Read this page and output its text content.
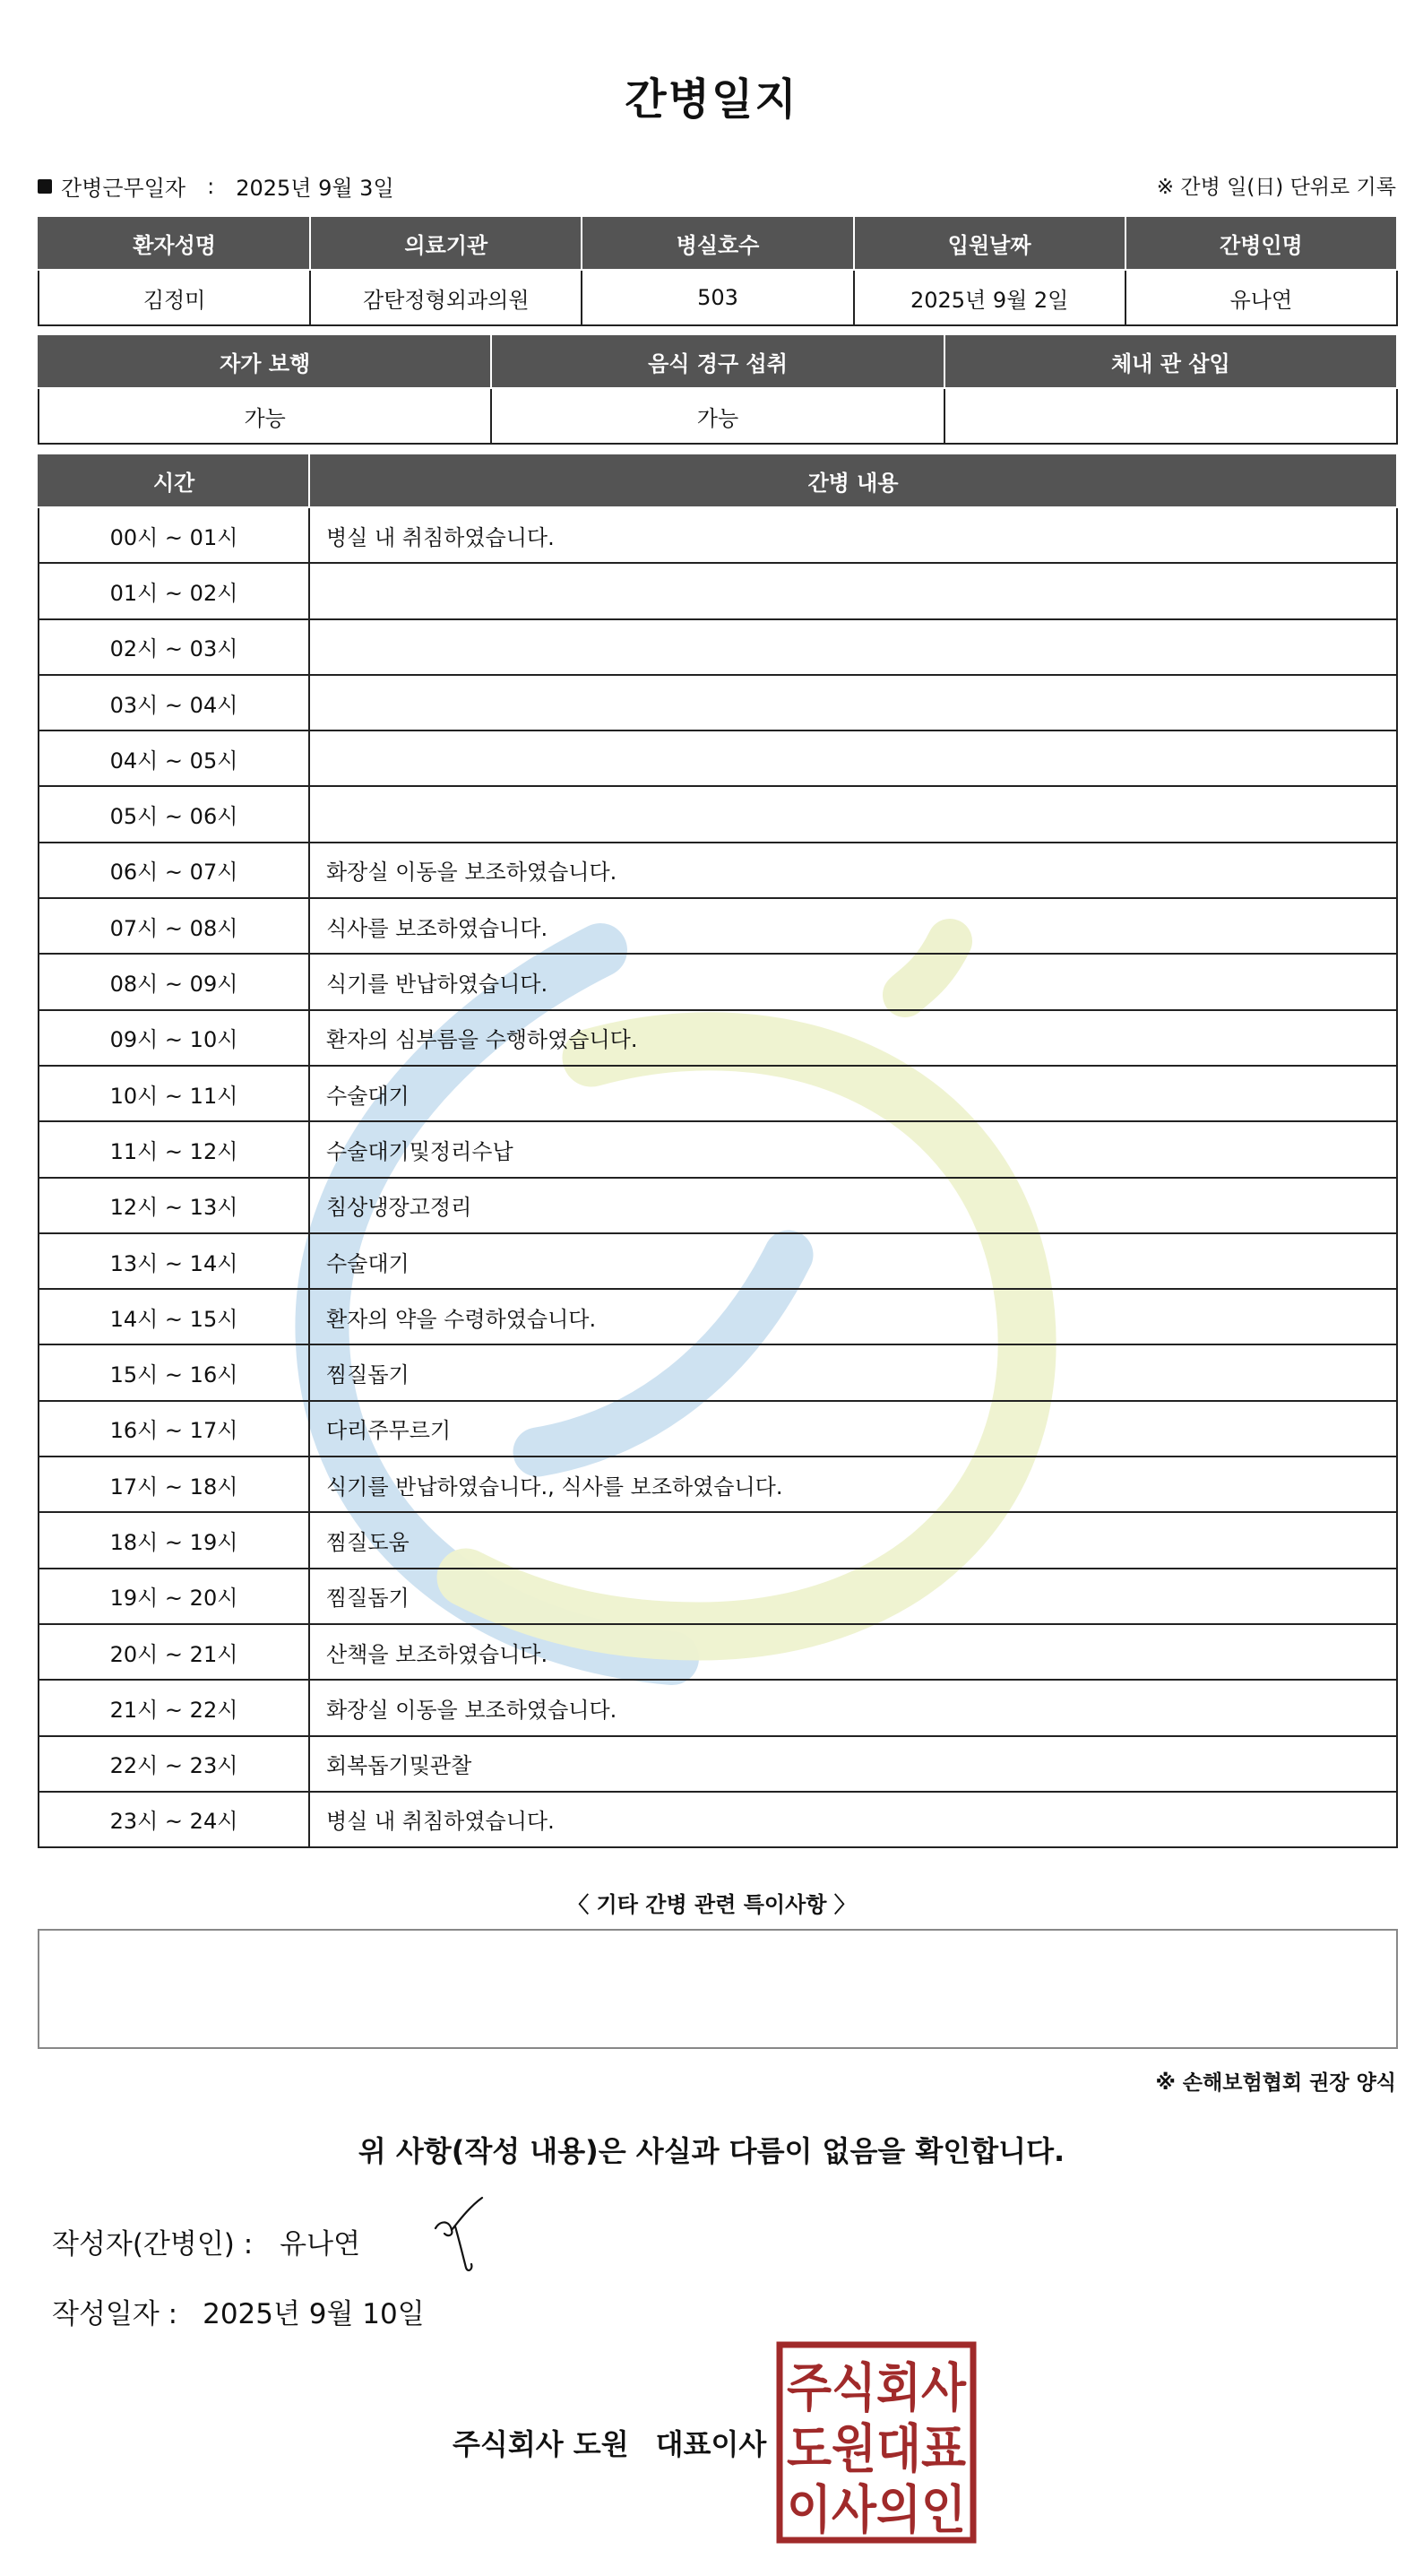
간병일지
간병근무일자 : 2025년 9월 3일	※ 간병 일(日) 단위로 기록
환자성명	의료기관	병실호수	입원날짜	간병인명
김정미	감탄정형외과의원	503	2025년 9월 2일	유나연
자가 보행	음식 경구 섭취	체내 관 삽입
가능	가능	
시간	간병 내용
00시 ~ 01시	병실 내 취침하였습니다.
01시 ~ 02시	
02시 ~ 03시	
03시 ~ 04시	
04시 ~ 05시	
05시 ~ 06시	
06시 ~ 07시	화장실 이동을 보조하였습니다.
07시 ~ 08시	식사를 보조하였습니다.
08시 ~ 09시	식기를 반납하였습니다.
09시 ~ 10시	환자의 심부름을 수행하였습니다.
10시 ~ 11시	수술대기
11시 ~ 12시	수술대기및정리수납
12시 ~ 13시	침상냉장고정리
13시 ~ 14시	수술대기
14시 ~ 15시	환자의 약을 수령하였습니다.
15시 ~ 16시	찜질돕기
16시 ~ 17시	다리주무르기
17시 ~ 18시	식기를 반납하였습니다., 식사를 보조하였습니다.
18시 ~ 19시	찜질도움
19시 ~ 20시	찜질돕기
20시 ~ 21시	산책을 보조하였습니다.
21시 ~ 22시	화장실 이동을 보조하였습니다.
22시 ~ 23시	회복돕기및관찰
23시 ~ 24시	병실 내 취침하였습니다.
〈 기타 간병 관련 특이사항 〉
※ 손해보험협회 권장 양식
위 사항(작성 내용)은 사실과 다름이 없음을 확인합니다.
작성자(간병인) : 유나연
작성일자 : 2025년 9월 10일
주식회사 도원 대표이사
주식회사
도원대표
이사의인
